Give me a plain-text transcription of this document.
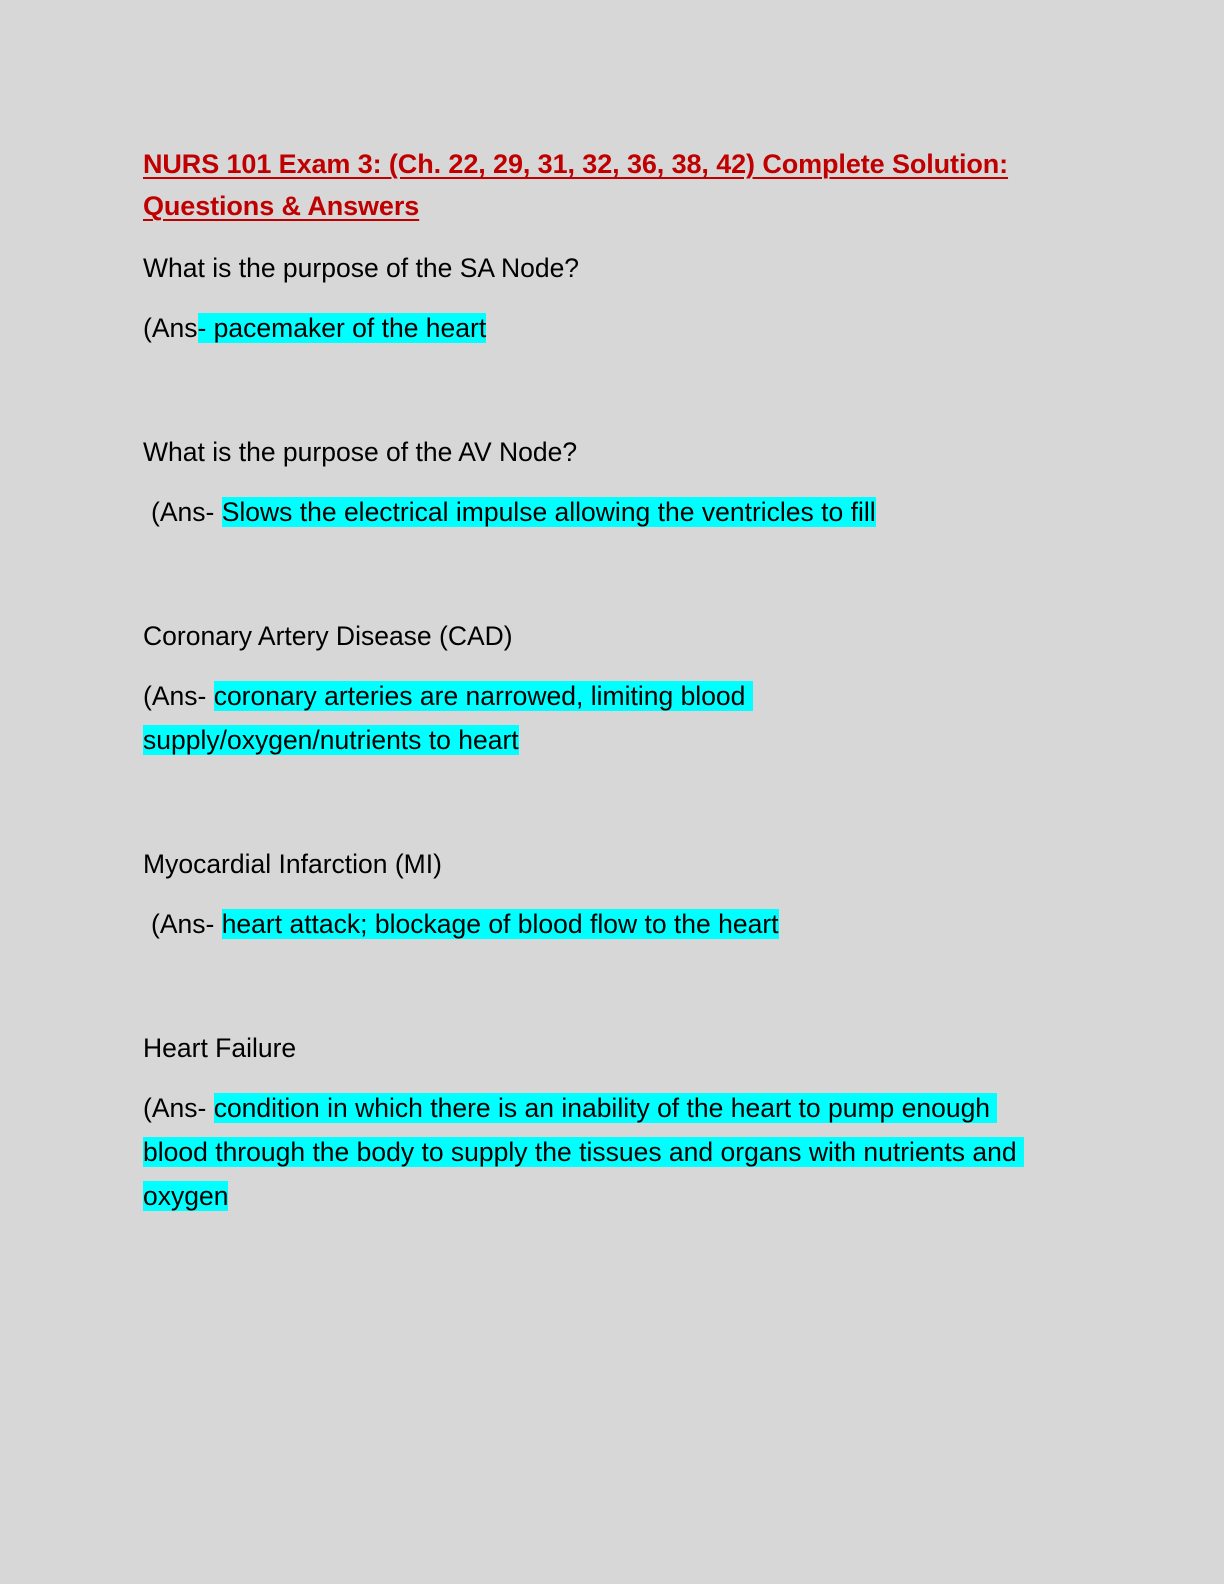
NURS 101 Exam 3: (Ch. 22, 29, 31, 32, 36, 38, 42) Complete Solution:
Questions & Answers

What is the purpose of the SA Node?

(Ans- pacemaker of the heart

What is the purpose of the AV Node?

(Ans- Slows the electrical impulse allowing the ventricles to fill

Coronary Artery Disease (CAD)

(Ans- coronary arteries are narrowed, limiting blood supply/oxygen/nutrients to heart

Myocardial Infarction (MI)

(Ans- heart attack; blockage of blood flow to the heart

Heart Failure

(Ans- condition in which there is an inability of the heart to pump enough blood through the body to supply the tissues and organs with nutrients and oxygen
